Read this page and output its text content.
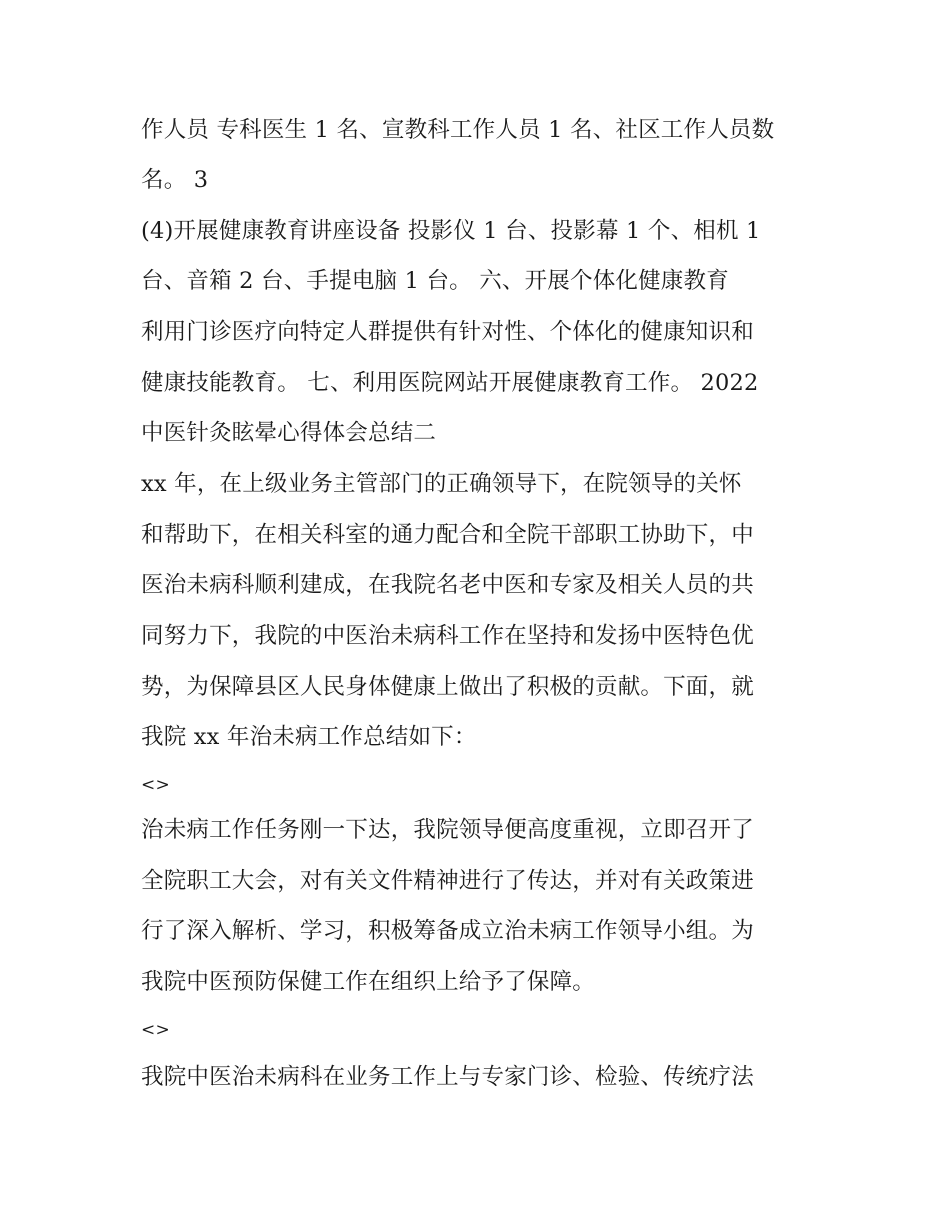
作人员 专科医生 1 名、宣教科工作人员 1 名、社区工作人员数
名。 3
(4)开展健康教育讲座设备 投影仪 1 台、投影幕 1 个、相机 1
台、音箱 2 台、手提电脑 1 台。 六、开展个体化健康教育
利用门诊医疗向特定人群提供有针对性、个体化的健康知识和
健康技能教育。 七、利用医院网站开展健康教育工作。 2022
中医针灸眩晕心得体会总结二
xx 年，在上级业务主管部门的正确领导下，在院领导的关怀
和帮助下，在相关科室的通力配合和全院干部职工协助下，中
医治未病科顺利建成，在我院名老中医和专家及相关人员的共
同努力下，我院的中医治未病科工作在坚持和发扬中医特色优
势，为保障县区人民身体健康上做出了积极的贡献。下面，就
我院 xx 年治未病工作总结如下：
<>
治未病工作任务刚一下达，我院领导便高度重视，立即召开了
全院职工大会，对有关文件精神进行了传达，并对有关政策进
行了深入解析、学习，积极筹备成立治未病工作领导小组。为
我院中医预防保健工作在组织上给予了保障。
<>
我院中医治未病科在业务工作上与专家门诊、检验、传统疗法
